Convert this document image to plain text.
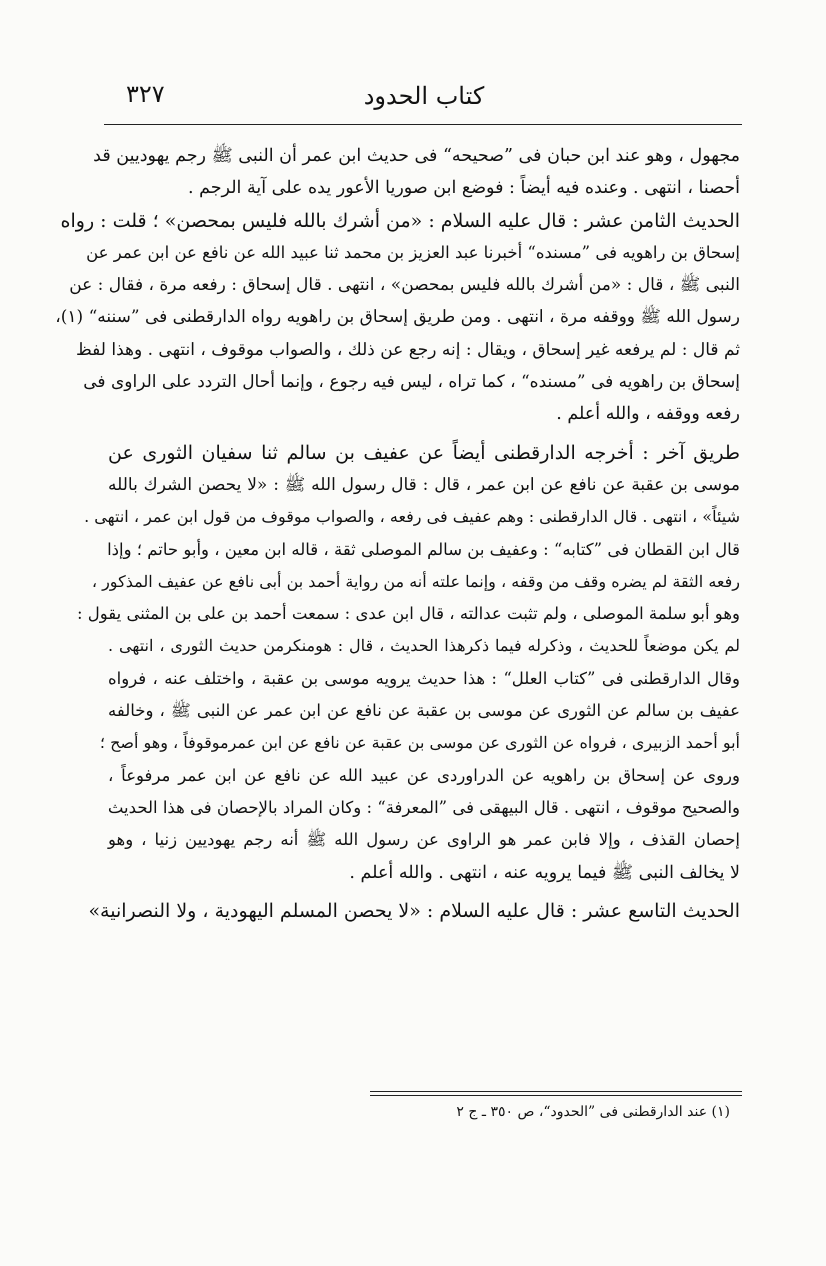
كتاب الحدود
٣٢٧
مجهول ، وهو عند ابن حبان فى ”صحيحه“ فى حديث ابن عمر أن النبى ﷺ رجم يهوديين قد
أحصنا ، انتهى . وعنده فيه أيضاً : فوضع ابن صوريا الأعور يده على آية الرجم .
الحديث الثامن عشر : قال عليه السلام : «من أشرك بالله فليس بمحصن» ؛ قلت : رواه
إسحاق بن راهويه فى ”مسنده“ أخبرنا عبد العزيز بن محمد ثنا عبيد الله عن نافع عن ابن عمر عن
النبى ﷺ ، قال : «من أشرك بالله فليس بمحصن» ، انتهى . قال إسحاق : رفعه مرة ، فقال : عن
رسول الله ﷺ ووقفه مرة ، انتهى . ومن طريق إسحاق بن راهويه رواه الدارقطنى فى ”سننه“ (١)،
ثم قال : لم يرفعه غير إسحاق ، ويقال : إنه رجع عن ذلك ، والصواب موقوف ، انتهى . وهذا لفظ
إسحاق بن راهويه فى ”مسنده“ ، كما تراه ، ليس فيه رجوع ، وإنما أحال التردد على الراوى فى
رفعه ووقفه ، والله أعلم .
طريق آخر : أخرجه الدارقطنى أيضاً عن عفيف بن سالم ثنا سفيان الثورى عن
موسى بن عقبة عن نافع عن ابن عمر ، قال : قال رسول الله ﷺ : «لا يحصن الشرك بالله
شيئاً» ، انتهى . قال الدارقطنى : وهم عفيف فى رفعه ، والصواب موقوف من قول ابن عمر ، انتهى .
قال ابن القطان فى ”كتابه“ : وعفيف بن سالم الموصلى ثقة ، قاله ابن معين ، وأبو حاتم ؛ وإذا
رفعه الثقة لم يضره وقف من وقفه ، وإنما علته أنه من رواية أحمد بن أبى نافع عن عفيف المذكور ،
وهو أبو سلمة الموصلى ، ولم تثبت عدالته ، قال ابن عدى : سمعت أحمد بن على بن المثنى يقول :
لم يكن موضعاً للحديث ، وذكرله فيما ذكرهذا الحديث ، قال : هومنكرمن حديث الثورى ، انتهى .
وقال الدارقطنى فى ”كتاب العلل“ : هذا حديث يرويه موسى بن عقبة ، واختلف عنه ، فرواه
عفيف بن سالم عن الثورى عن موسى بن عقبة عن نافع عن ابن عمر عن النبى ﷺ ، وخالفه
أبو أحمد الزبيرى ، فرواه عن الثورى عن موسى بن عقبة عن نافع عن ابن عمرموقوفاً ، وهو أصح ؛
وروى عن إسحاق بن راهويه عن الدراوردى عن عبيد الله عن نافع عن ابن عمر مرفوعاً ،
والصحيح موقوف ، انتهى . قال البيهقى فى ”المعرفة“ : وكان المراد بالإحصان فى هذا الحديث
إحصان القذف ، وإلا فابن عمر هو الراوى عن رسول الله ﷺ أنه رجم يهوديين زنيا ، وهو
لا يخالف النبى ﷺ فيما يرويه عنه ، انتهى . والله أعلم .
الحديث التاسع عشر : قال عليه السلام : «لا يحصن المسلم اليهودية ، ولا النصرانية»
(١) عند الدارقطنى فى ”الحدود“، ص ٣٥٠ ـ ج ٢
